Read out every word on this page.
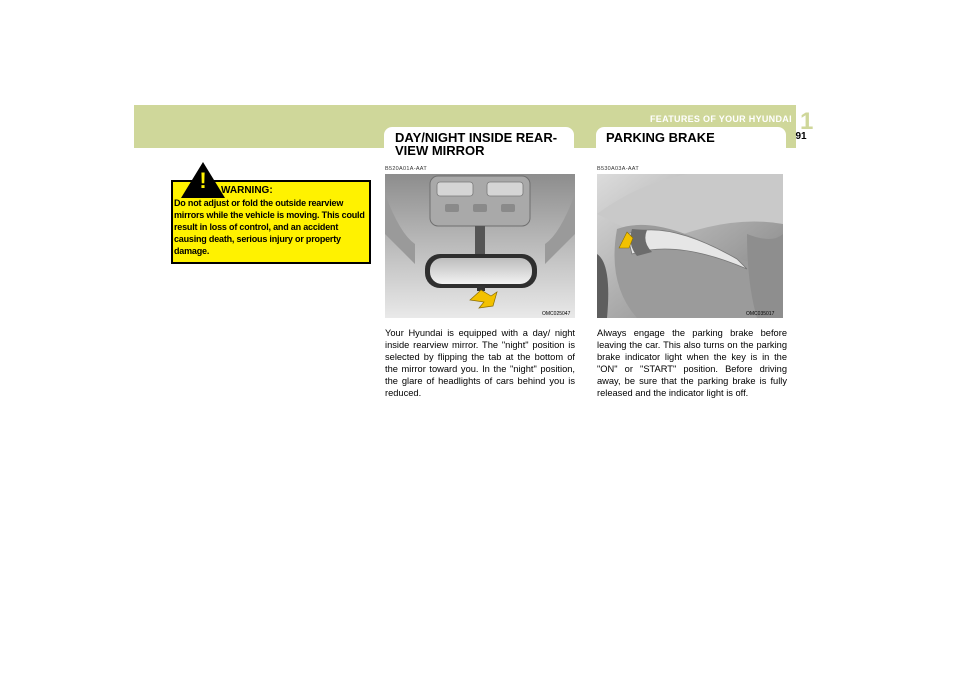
FEATURES OF YOUR HYUNDAI 1
91
DAY/NIGHT INSIDE REAR-VIEW MIRROR
PARKING BRAKE
! WARNING:
Do not adjust or fold the outside rearview mirrors while the vehicle is moving. This could result in loss of control, and an accident causing death, serious injury or property damage.
B520A01A-AAT
OMC025047
Your Hyundai is equipped with a day/ night inside rearview mirror. The "night" position is selected by flipping the tab at the bottom of the mirror toward you. In the "night" position, the glare of headlights of cars behind you is reduced.
B530A03A-AAT
OMC035017
Always engage the parking brake before leaving the car. This also turns on the parking brake indicator light when the key is in the "ON" or "START" position. Before driving away, be sure that the parking brake is fully released and the indicator light is off.
